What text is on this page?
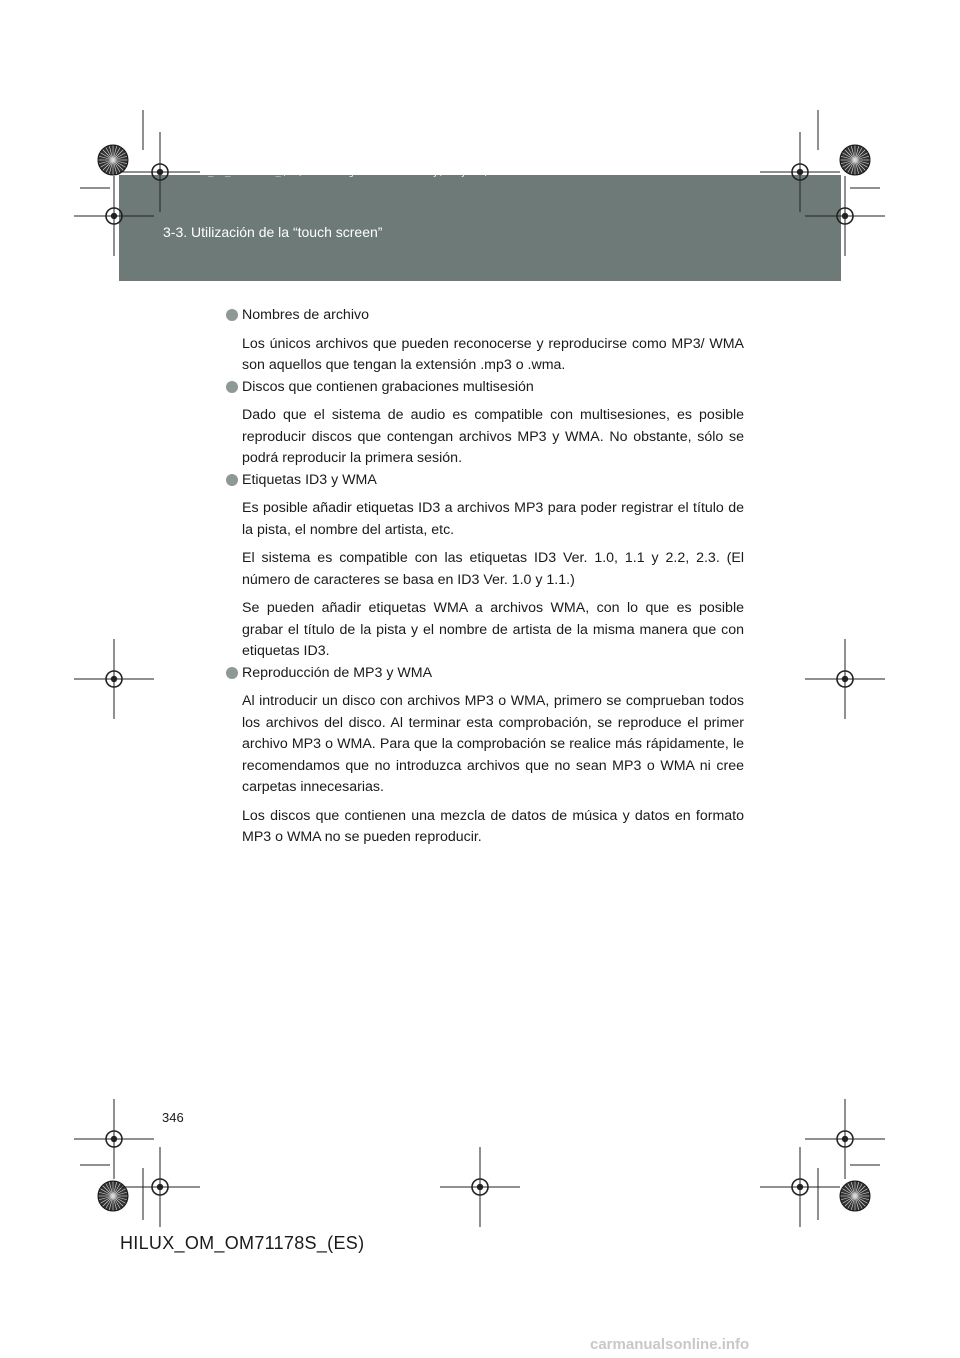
3-3. Utilización de la “touch screen”
HILUX_OM_OM71178S_(ES).book Page 346 Wednesday, May 16, 2012 3:09 PM
Nombres de archivo
Los únicos archivos que pueden reconocerse y reproducirse como MP3/ WMA son aquellos que tengan la extensión .mp3 o .wma.
Discos que contienen grabaciones multisesión
Dado que el sistema de audio es compatible con multisesiones, es posible reproducir discos que contengan archivos MP3 y WMA. No obstante, sólo se podrá reproducir la primera sesión.
Etiquetas ID3 y WMA
Es posible añadir etiquetas ID3 a archivos MP3 para poder registrar el título de la pista, el nombre del artista, etc.
El sistema es compatible con las etiquetas ID3 Ver. 1.0, 1.1 y 2.2, 2.3. (El número de caracteres se basa en ID3 Ver. 1.0 y 1.1.)
Se pueden añadir etiquetas WMA a archivos WMA, con lo que es posible grabar el título de la pista y el nombre de artista de la misma manera que con etiquetas ID3.
Reproducción de MP3 y WMA
Al introducir un disco con archivos MP3 o WMA, primero se comprueban todos los archivos del disco. Al terminar esta comprobación, se reproduce el primer archivo MP3 o WMA. Para que la comprobación se realice más rápidamente, le recomendamos que no introduzca archivos que no sean MP3 o WMA ni cree carpetas innecesarias.
Los discos que contienen una mezcla de datos de música y datos en formato MP3 o WMA no se pueden reproducir.
346
HILUX_OM_OM71178S_(ES)
carmanualsonline.info
